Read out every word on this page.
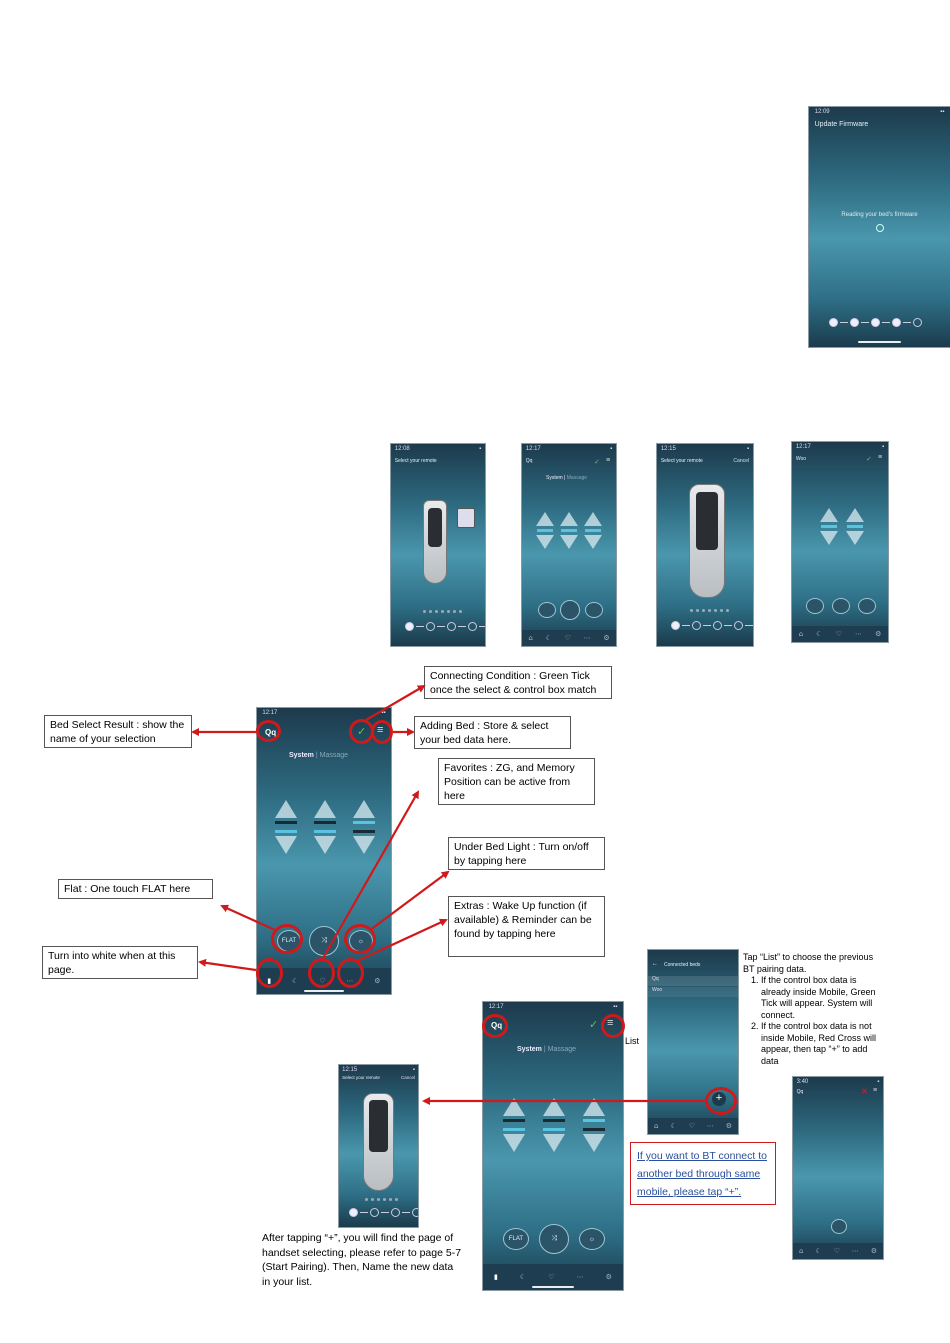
12:09	▪︎▪︎
Update Firmware
Reading your bed's firmware
12:08	▪︎
Select your remote
12:17	▪︎
Qq	✓ ≡
System | Massage
⌂ ☾ ♡ ⋯ ⚙
12:15	▪︎
Select your remote	Cancel
12:17	▪︎
Woo	✓ ≡
⌂ ☾ ♡ ⋯ ⚙
12:17	▪︎▪︎
Qq	✓ ≡
System | Massage
FLAT	⤨	☼
▮	☾	♡	⋯	⚙
Connecting Condition : Green Tick once the select & control box match
Bed Select Result : show the name of your selection
Adding Bed : Store & select your bed data here.
Favorites : ZG, and Memory Position can be active from here
Under Bed Light : Turn on/off by tapping here
Flat : One touch FLAT here
Extras : Wake Up function (if available) & Reminder can be found by tapping here
Turn into white when at this page.	← Connected beds
Qq
Woo
+
⌂ ☾ ♡ ⋯ ⚙
Tap “List” to choose the previous BT pairing data.
1. If the control box data is already inside Mobile, Green Tick will appear. System will connect.
2. If the control box data is not inside Mobile, Red Cross will appear, then tap “+” to add data
12:17	▪︎▪︎
Qq	✓ ≡
System | Massage
FLAT	⤨	☼
▮	☾	♡	⋯	⚙
List
If you want to BT connect to another bed through same mobile, please tap “+”.
12:15	▪︎
Select your remote	Cancel
After tapping “+”, you will find the page of handset selecting, please refer to page 5-7 (Start Pairing). Then, Name the new data in your list.
3:40	▪︎
Qq	✕ ≡
⌂ ☾ ♡ ⋯ ⚙
